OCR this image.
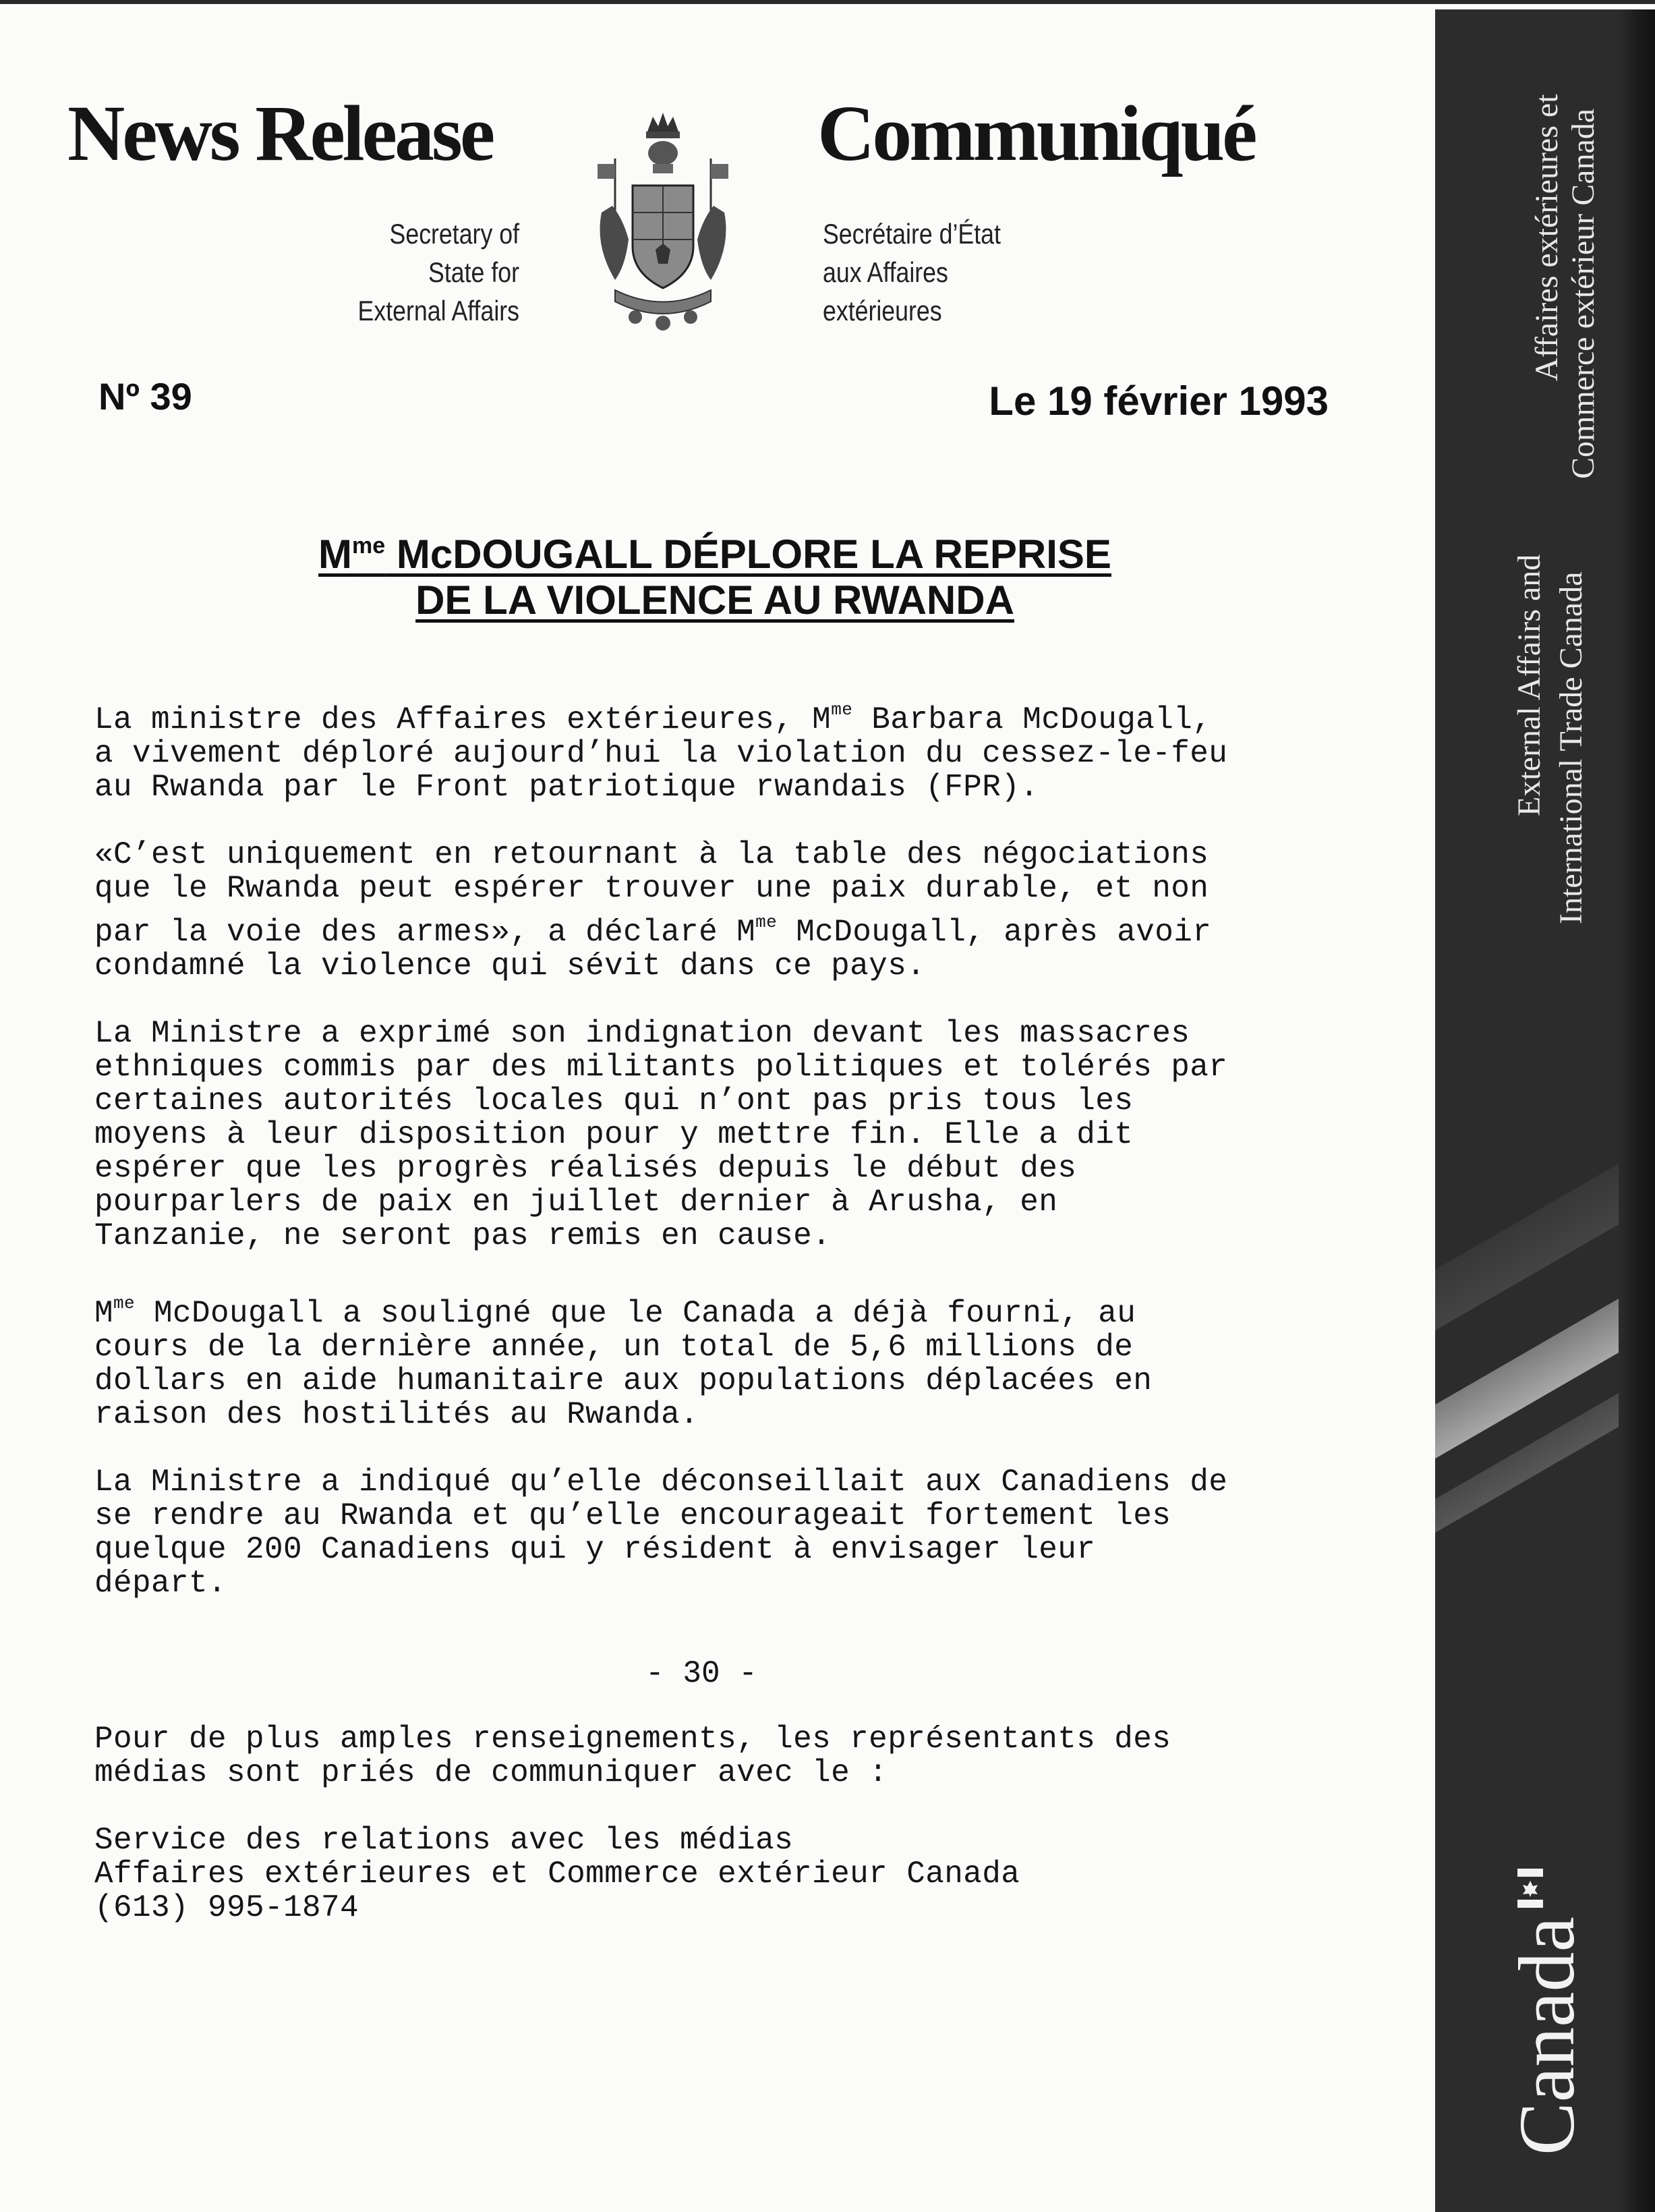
News Release	Communiqué
Secretary of
State for
External Affairs
Secrétaire d’État
aux Affaires
extérieures
Nº 39	Le 19 février 1993
$M^{me}$ McDOUGALL DÉPLORE LA REPRISE
DE LA VIOLENCE AU RWANDA

La ministre des Affaires extérieures, $M^{me}$ Barbara McDougall,
a vivement déploré aujourd’hui la violation du cessez-le-feu
au Rwanda par le Front patriotique rwandais (FPR).

«C’est uniquement en retournant à la table des négociations
que le Rwanda peut espérer trouver une paix durable, et non
par la voie des armes», a déclaré $M^{me}$ McDougall, après avoir
condamné la violence qui sévit dans ce pays.

La Ministre a exprimé son indignation devant les massacres
ethniques commis par des militants politiques et tolérés par
certaines autorités locales qui n’ont pas pris tous les
moyens à leur disposition pour y mettre fin. Elle a dit
espérer que les progrès réalisés depuis le début des
pourparlers de paix en juillet dernier à Arusha, en
Tanzanie, ne seront pas remis en cause.

$M^{me}$ McDougall a souligné que le Canada a déjà fourni, au
cours de la dernière année, un total de 5,6 millions de
dollars en aide humanitaire aux populations déplacées en
raison des hostilités au Rwanda.

La Ministre a indiqué qu’elle déconseillait aux Canadiens de
se rendre au Rwanda et qu’elle encourageait fortement les
quelque 200 Canadiens qui y résident à envisager leur
départ.

- 30 -

Pour de plus amples renseignements, les représentants des
médias sont priés de communiquer avec le :

Service des relations avec les médias
Affaires extérieures et Commerce extérieur Canada
(613) 995-1874

Affaires extérieures et Commerce extérieur Canada
External Affairs and International Trade Canada
Canada
